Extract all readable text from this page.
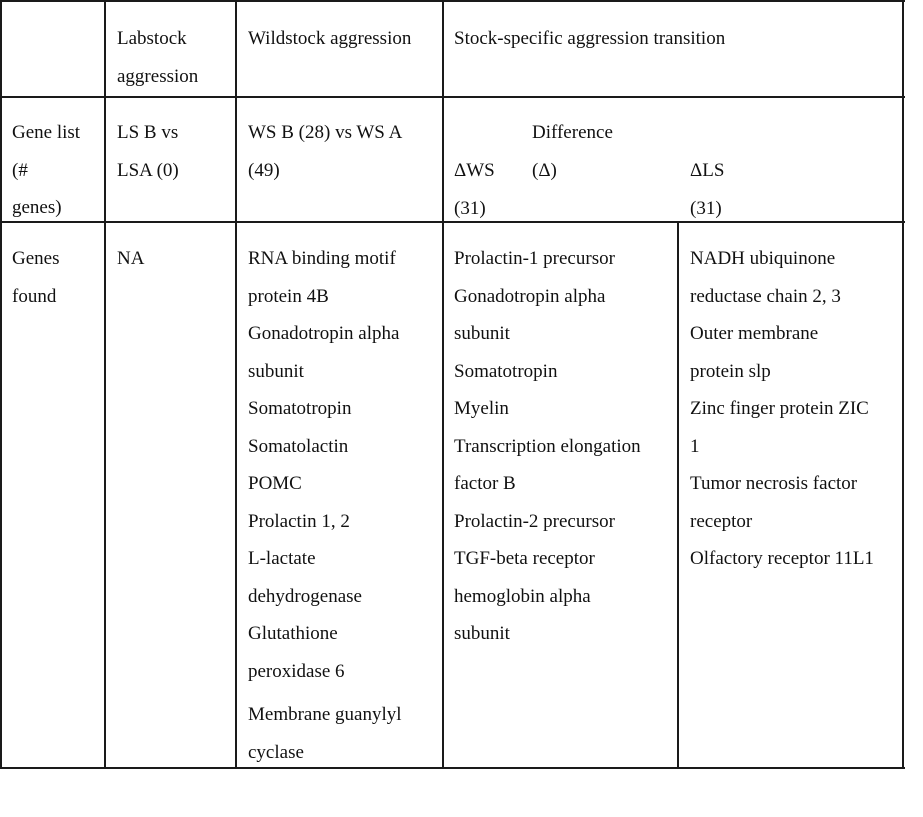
Labstock
aggression
Wildstock aggression Stock-specific aggression transition
Gene list
(#
genes)
LS B vs
LSA (0)
WS B (28) vs WS A
(49)
Difference (Δ)
ΔWS (31)
ΔLS (31)
Genes
found
NA	RNA binding motif
protein 4B
Gonadotropin alpha
subunit
Somatotropin
Somatolactin
POMC
Prolactin 1, 2
L-lactate
dehydrogenase
Glutathione
peroxidase 6
Membrane guanylyl
cyclase
Prolactin-1 precursor
Gonadotropin alpha
subunit
Somatotropin
Myelin
Transcription elongation
factor B
Prolactin-2 precursor
TGF-beta receptor
hemoglobin alpha
subunit
NADH ubiquinone
reductase chain 2, 3
Outer membrane
protein slp
Zinc finger protein ZIC
1
Tumor necrosis factor
receptor
Olfactory receptor 11L1
